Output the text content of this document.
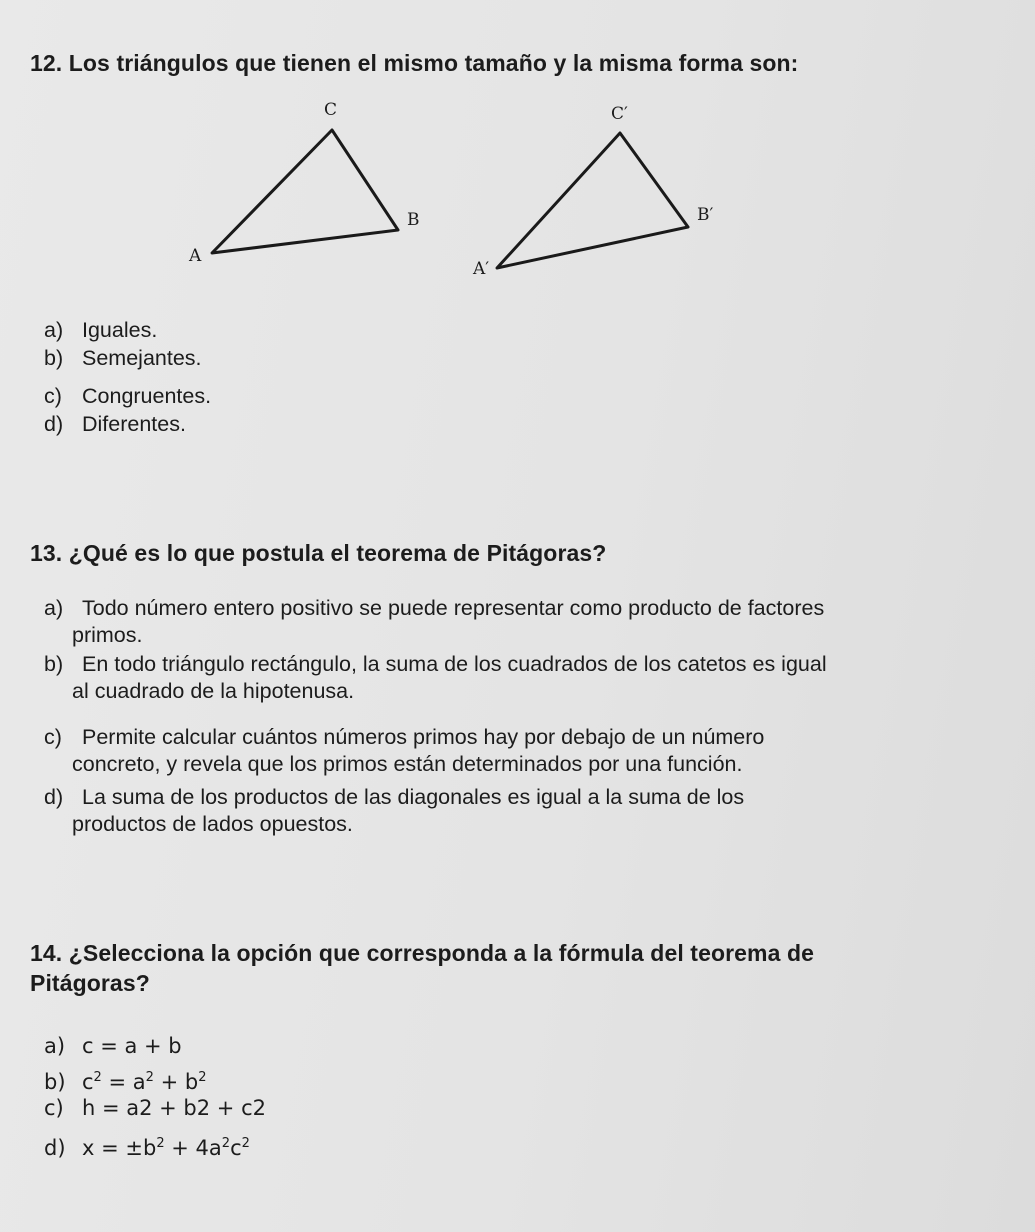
12. Los triángulos que tienen el mismo tamaño y la misma forma son:
C
B
A
C′
B′
A′
a) Iguales.
b) Semejantes.
c) Congruentes.
d) Diferentes.
13. ¿Qué es lo que postula el teorema de Pitágoras?
a) Todo número entero positivo se puede representar como producto de factores
primos.
b) En todo triángulo rectángulo, la suma de los cuadrados de los catetos es igual
al cuadrado de la hipotenusa.
c) Permite calcular cuántos números primos hay por debajo de un número
concreto, y revela que los primos están determinados por una función.
d) La suma de los productos de las diagonales es igual a la suma de los
productos de lados opuestos.
14. ¿Selecciona la opción que corresponda a la fórmula del teorema de
Pitágoras?
a) c = a + b
b) $c^2 = a^2 + b^2$
c) h = a2 + b2 + c2
d) $x = \pm b^2 + 4a^2c^2$
